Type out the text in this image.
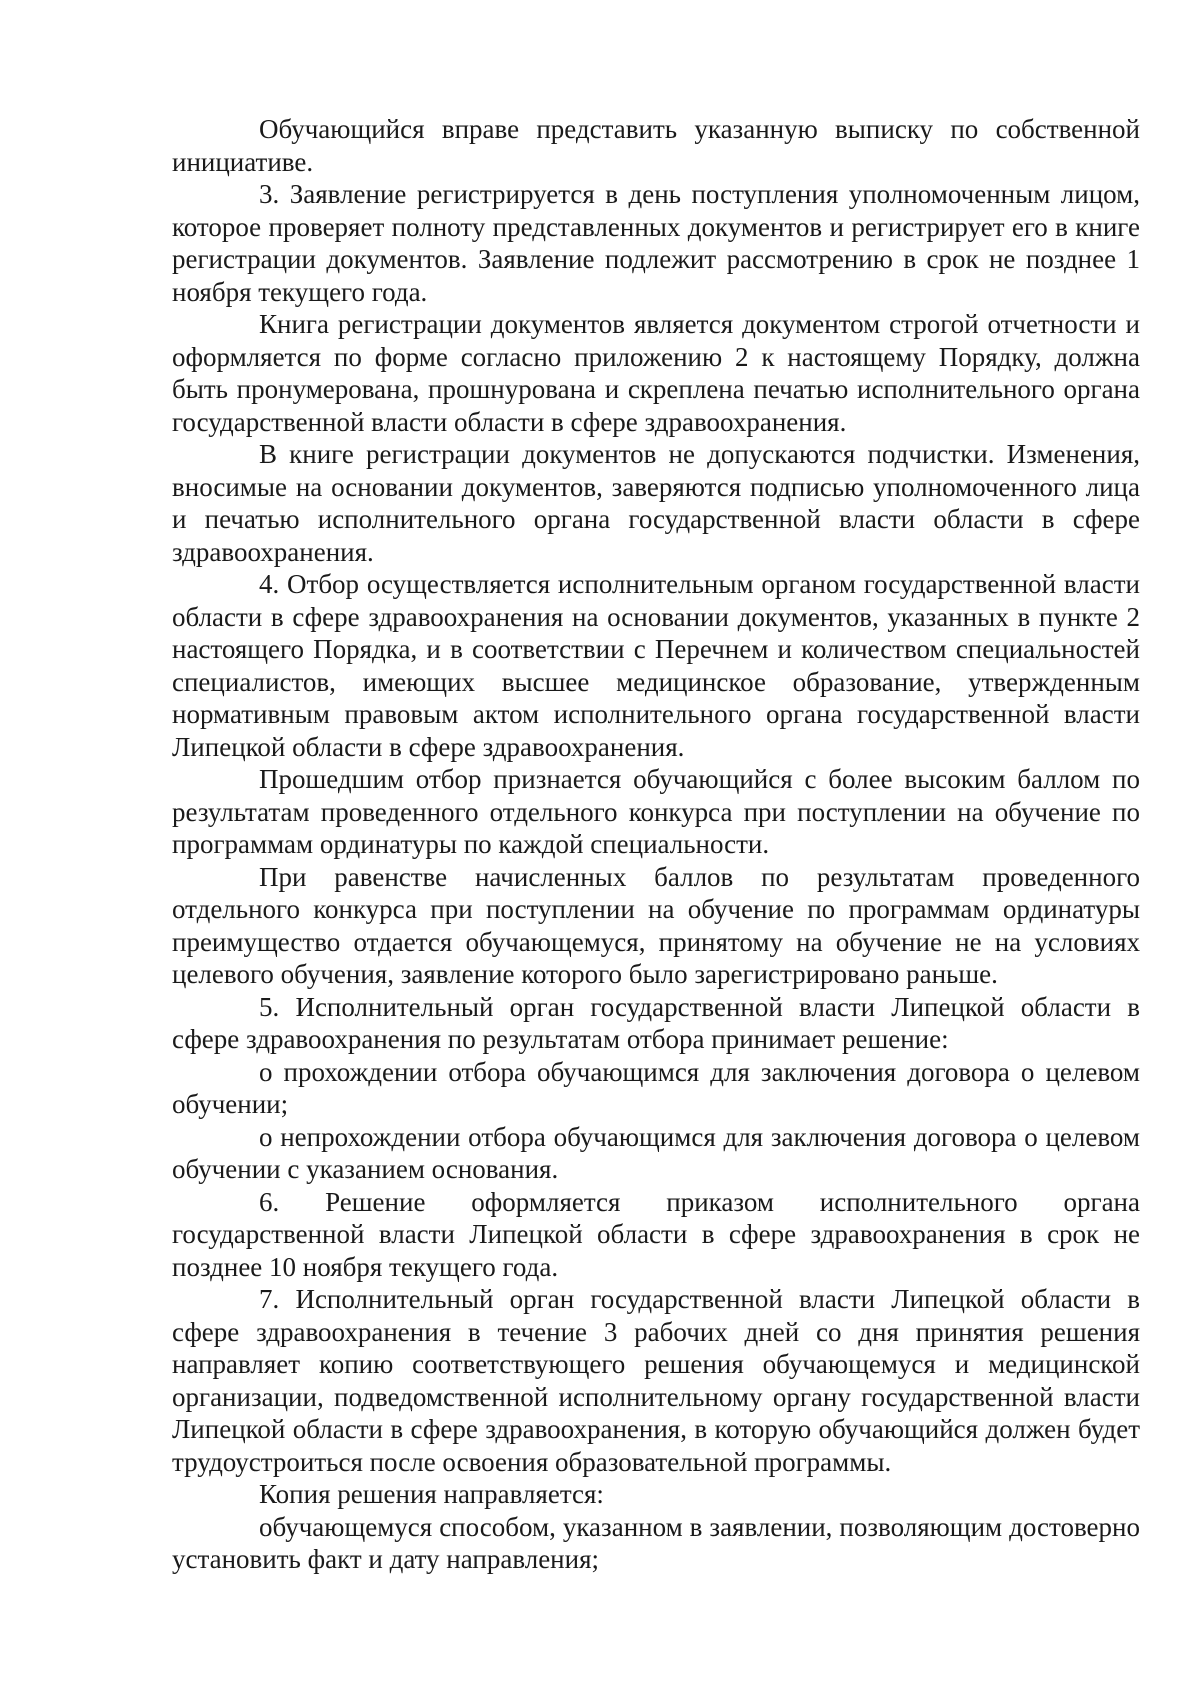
Обучающийся вправе представить указанную выписку по собственной инициативе.

3. Заявление регистрируется в день поступления уполномоченным лицом, которое проверяет полноту представленных документов и регистрирует его в книге регистрации документов. Заявление подлежит рассмотрению в срок не позднее 1 ноября текущего года.

Книга регистрации документов является документом строгой отчетности и оформляется по форме согласно приложению 2 к настоящему Порядку, должна быть пронумерована, прошнурована и скреплена печатью исполнительного органа государственной власти области в сфере здравоохранения.

В книге регистрации документов не допускаются подчистки. Изменения, вносимые на основании документов, заверяются подписью уполномоченного лица и печатью исполнительного органа государственной власти области в сфере здравоохранения.

4. Отбор осуществляется исполнительным органом государственной власти области в сфере здравоохранения на основании документов, указанных в пункте 2 настоящего Порядка, и в соответствии с Перечнем и количеством специальностей специалистов, имеющих высшее медицинское образование, утвержденным нормативным правовым актом исполнительного органа государственной власти Липецкой области в сфере здравоохранения.

Прошедшим отбор признается обучающийся с более высоким баллом по результатам проведенного отдельного конкурса при поступлении на обучение по программам ординатуры по каждой специальности.

При равенстве начисленных баллов по результатам проведенного отдельного конкурса при поступлении на обучение по программам ординатуры преимущество отдается обучающемуся, принятому на обучение не на условиях целевого обучения, заявление которого было зарегистрировано раньше.

5. Исполнительный орган государственной власти Липецкой области в сфере здравоохранения по результатам отбора принимает решение:

о прохождении отбора обучающимся для заключения договора о целевом обучении;

о непрохождении отбора обучающимся для заключения договора о целевом обучении с указанием основания.

6. Решение оформляется приказом исполнительного органа государственной власти Липецкой области в сфере здравоохранения в срок не позднее 10 ноября текущего года.

7. Исполнительный орган государственной власти Липецкой области в сфере здравоохранения в течение 3 рабочих дней со дня принятия решения направляет копию соответствующего решения обучающемуся и медицинской организации, подведомственной исполнительному органу государственной власти Липецкой области в сфере здравоохранения, в которую обучающийся должен будет трудоустроиться после освоения образовательной программы.

Копия решения направляется:

обучающемуся способом, указанном в заявлении, позволяющим достоверно установить факт и дату направления;
